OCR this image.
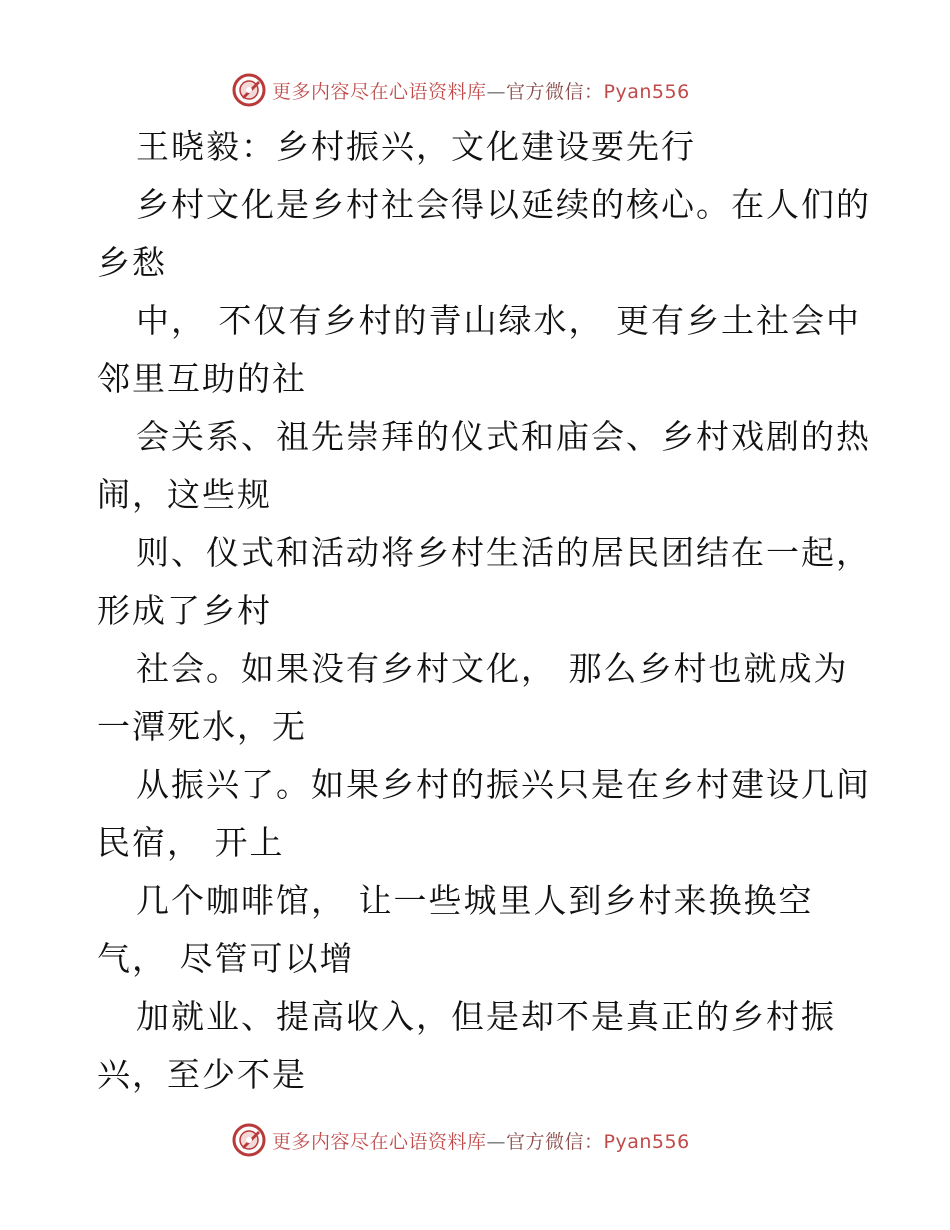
更多内容尽在心语资料库—官方微信：Pyan556
王晓毅：乡村振兴，文化建设要先行
乡村文化是乡村社会得以延续的核心。在人们的
乡愁
中， 不仅有乡村的青山绿水， 更有乡土社会中
邻里互助的社
会关系、祖先崇拜的仪式和庙会、乡村戏剧的热
闹，这些规
则、仪式和活动将乡村生活的居民团结在一起，
形成了乡村
社会。如果没有乡村文化， 那么乡村也就成为
一潭死水，无
从振兴了。如果乡村的振兴只是在乡村建设几间
民宿， 开上
几个咖啡馆， 让一些城里人到乡村来换换空
气， 尽管可以增
加就业、提高收入，但是却不是真正的乡村振
兴，至少不是
更多内容尽在心语资料库—官方微信：Pyan556
